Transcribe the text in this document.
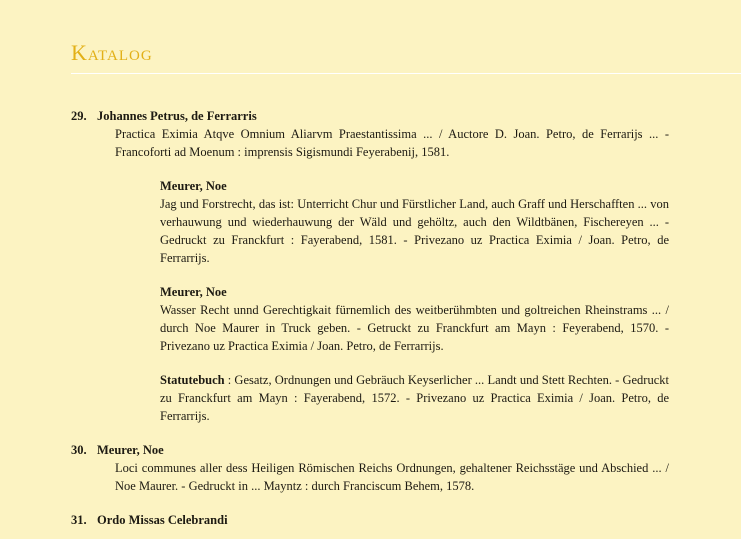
Katalog
29. Johannes Petrus, de Ferrarris
Practica Eximia Atqve Omnium Aliarvm Praestantissima ... / Auctore D. Joan. Petro, de Ferrarijs ... - Francoforti ad Moenum : imprensis Sigismundi Feyerabenij, 1581.
Meurer, Noe
Jag und Forstrecht, das ist: Unterricht Chur und Fürstlicher Land, auch Graff und Herschafften ... von verhauwung und wiederhauwung der Wäld und gehöltz, auch den Wildtbänen, Fischereyen ... - Gedruckt zu Franckfurt : Fayerabend, 1581. - Privezano uz Practica Eximia / Joan. Petro, de Ferrarrijs.
Meurer, Noe
Wasser Recht unnd Gerechtigkait fürnemlich des weitberühmbten und goltreichen Rheinstrams ... / durch Noe Maurer in Truck geben. - Getruckt zu Franckfurt am Mayn : Feyerabend, 1570. - Privezano uz Practica Eximia / Joan. Petro, de Ferrarrijs.
Statutebuch : Gesatz, Ordnungen und Gebräuch Keyserlicher ... Landt und Stett Rechten. - Gedruckt zu Franckfurt am Mayn : Fayerabend, 1572. - Privezano uz Practica Eximia / Joan. Petro, de Ferrarrijs.
30. Meurer, Noe
Loci communes aller dess Heiligen Römischen Reichs Ordnungen, gehaltener Reichsstäge und Abschied ... / Noe Maurer. - Gedruckt in ... Mayntz : durch Franciscum Behem, 1578.
31. Ordo Missas Celebrandi
